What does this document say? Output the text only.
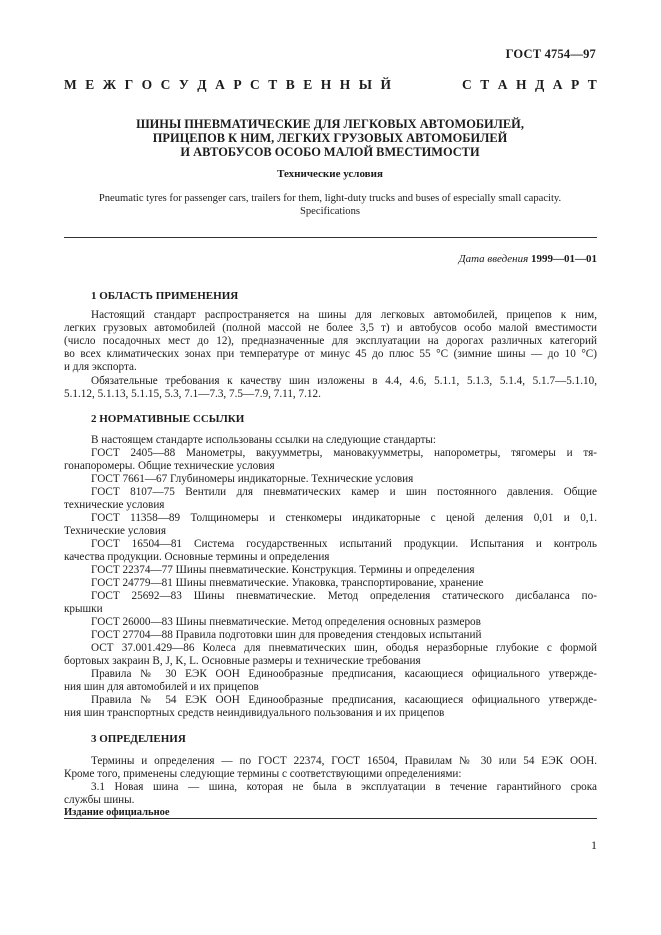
ГОСТ 4754—97
М Е Ж Г О С У Д А Р С Т В Е Н Н Ы Й	С Т А Н Д А Р Т
ШИНЫ ПНЕВМАТИЧЕСКИЕ ДЛЯ ЛЕГКОВЫХ АВТОМОБИЛЕЙ,
ПРИЦЕПОВ К НИМ, ЛЕГКИХ ГРУЗОВЫХ АВТОМОБИЛЕЙ
И АВТОБУСОВ ОСОБО МАЛОЙ ВМЕСТИМОСТИ
Технические условия
Pneumatic tyres for passenger cars, trailers for them, light-duty trucks and buses of especially small capacity.
Specifications
Дата введения 1999—01—01
1 ОБЛАСТЬ ПРИМЕНЕНИЯ
Настоящий стандарт распространяется на шины для легковых автомобилей, прицепов к ним,
легких грузовых автомобилей (полной массой не более 3,5 т) и автобусов особо малой вместимости
(число посадочных мест до 12), предназначенные для эксплуатации на дорогах различных категорий
во всех климатических зонах при температуре от минус 45 до плюс 55 °С (зимние шины — до 10 °С)
и для экспорта.
Обязательные требования к качеству шин изложены в 4.4, 4.6, 5.1.1, 5.1.3, 5.1.4, 5.1.7—5.1.10,
5.1.12, 5.1.13, 5.1.15, 5.3, 7.1—7.3, 7.5—7.9, 7.11, 7.12.
2 НОРМАТИВНЫЕ ССЫЛКИ
В настоящем стандарте использованы ссылки на следующие стандарты:
ГОСТ 2405—88 Манометры, вакуумметры, мановакуумметры, напорометры, тягомеры и тя-
гонапоромеры. Общие технические условия
ГОСТ 7661—67 Глубиномеры индикаторные. Технические условия
ГОСТ 8107—75 Вентили для пневматических камер и шин постоянного давления. Общие
технические условия
ГОСТ 11358—89 Толщиномеры и стенкомеры индикаторные с ценой деления 0,01 и 0,1.
Технические условия
ГОСТ 16504—81 Система государственных испытаний продукции. Испытания и контроль
качества продукции. Основные термины и определения
ГОСТ 22374—77 Шины пневматические. Конструкция. Термины и определения
ГОСТ 24779—81 Шины пневматические. Упаковка, транспортирование, хранение
ГОСТ 25692—83 Шины пневматические. Метод определения статического дисбаланса по-
крышки
ГОСТ 26000—83 Шины пневматические. Метод определения основных размеров
ГОСТ 27704—88 Правила подготовки шин для проведения стендовых испытаний
ОСТ 37.001.429—86 Колеса для пневматических шин, ободья неразборные глубокие с формой
бортовых закраин B, J, K, L. Основные размеры и технические требования
Правила № 30 ЕЭК ООН Единообразные предписания, касающиеся официального утвержде-
ния шин для автомобилей и их прицепов
Правила № 54 ЕЭК ООН Единообразные предписания, касающиеся официального утвержде-
ния шин транспортных средств неиндивидуального пользования и их прицепов
3 ОПРЕДЕЛЕНИЯ
Термины и определения — по ГОСТ 22374, ГОСТ 16504, Правилам № 30 или 54 ЕЭК ООН.
Кроме того, применены следующие термины с соответствующими определениями:
3.1 Новая шина — шина, которая не была в эксплуатации в течение гарантийного срока
службы шины.
Издание официальное
1
